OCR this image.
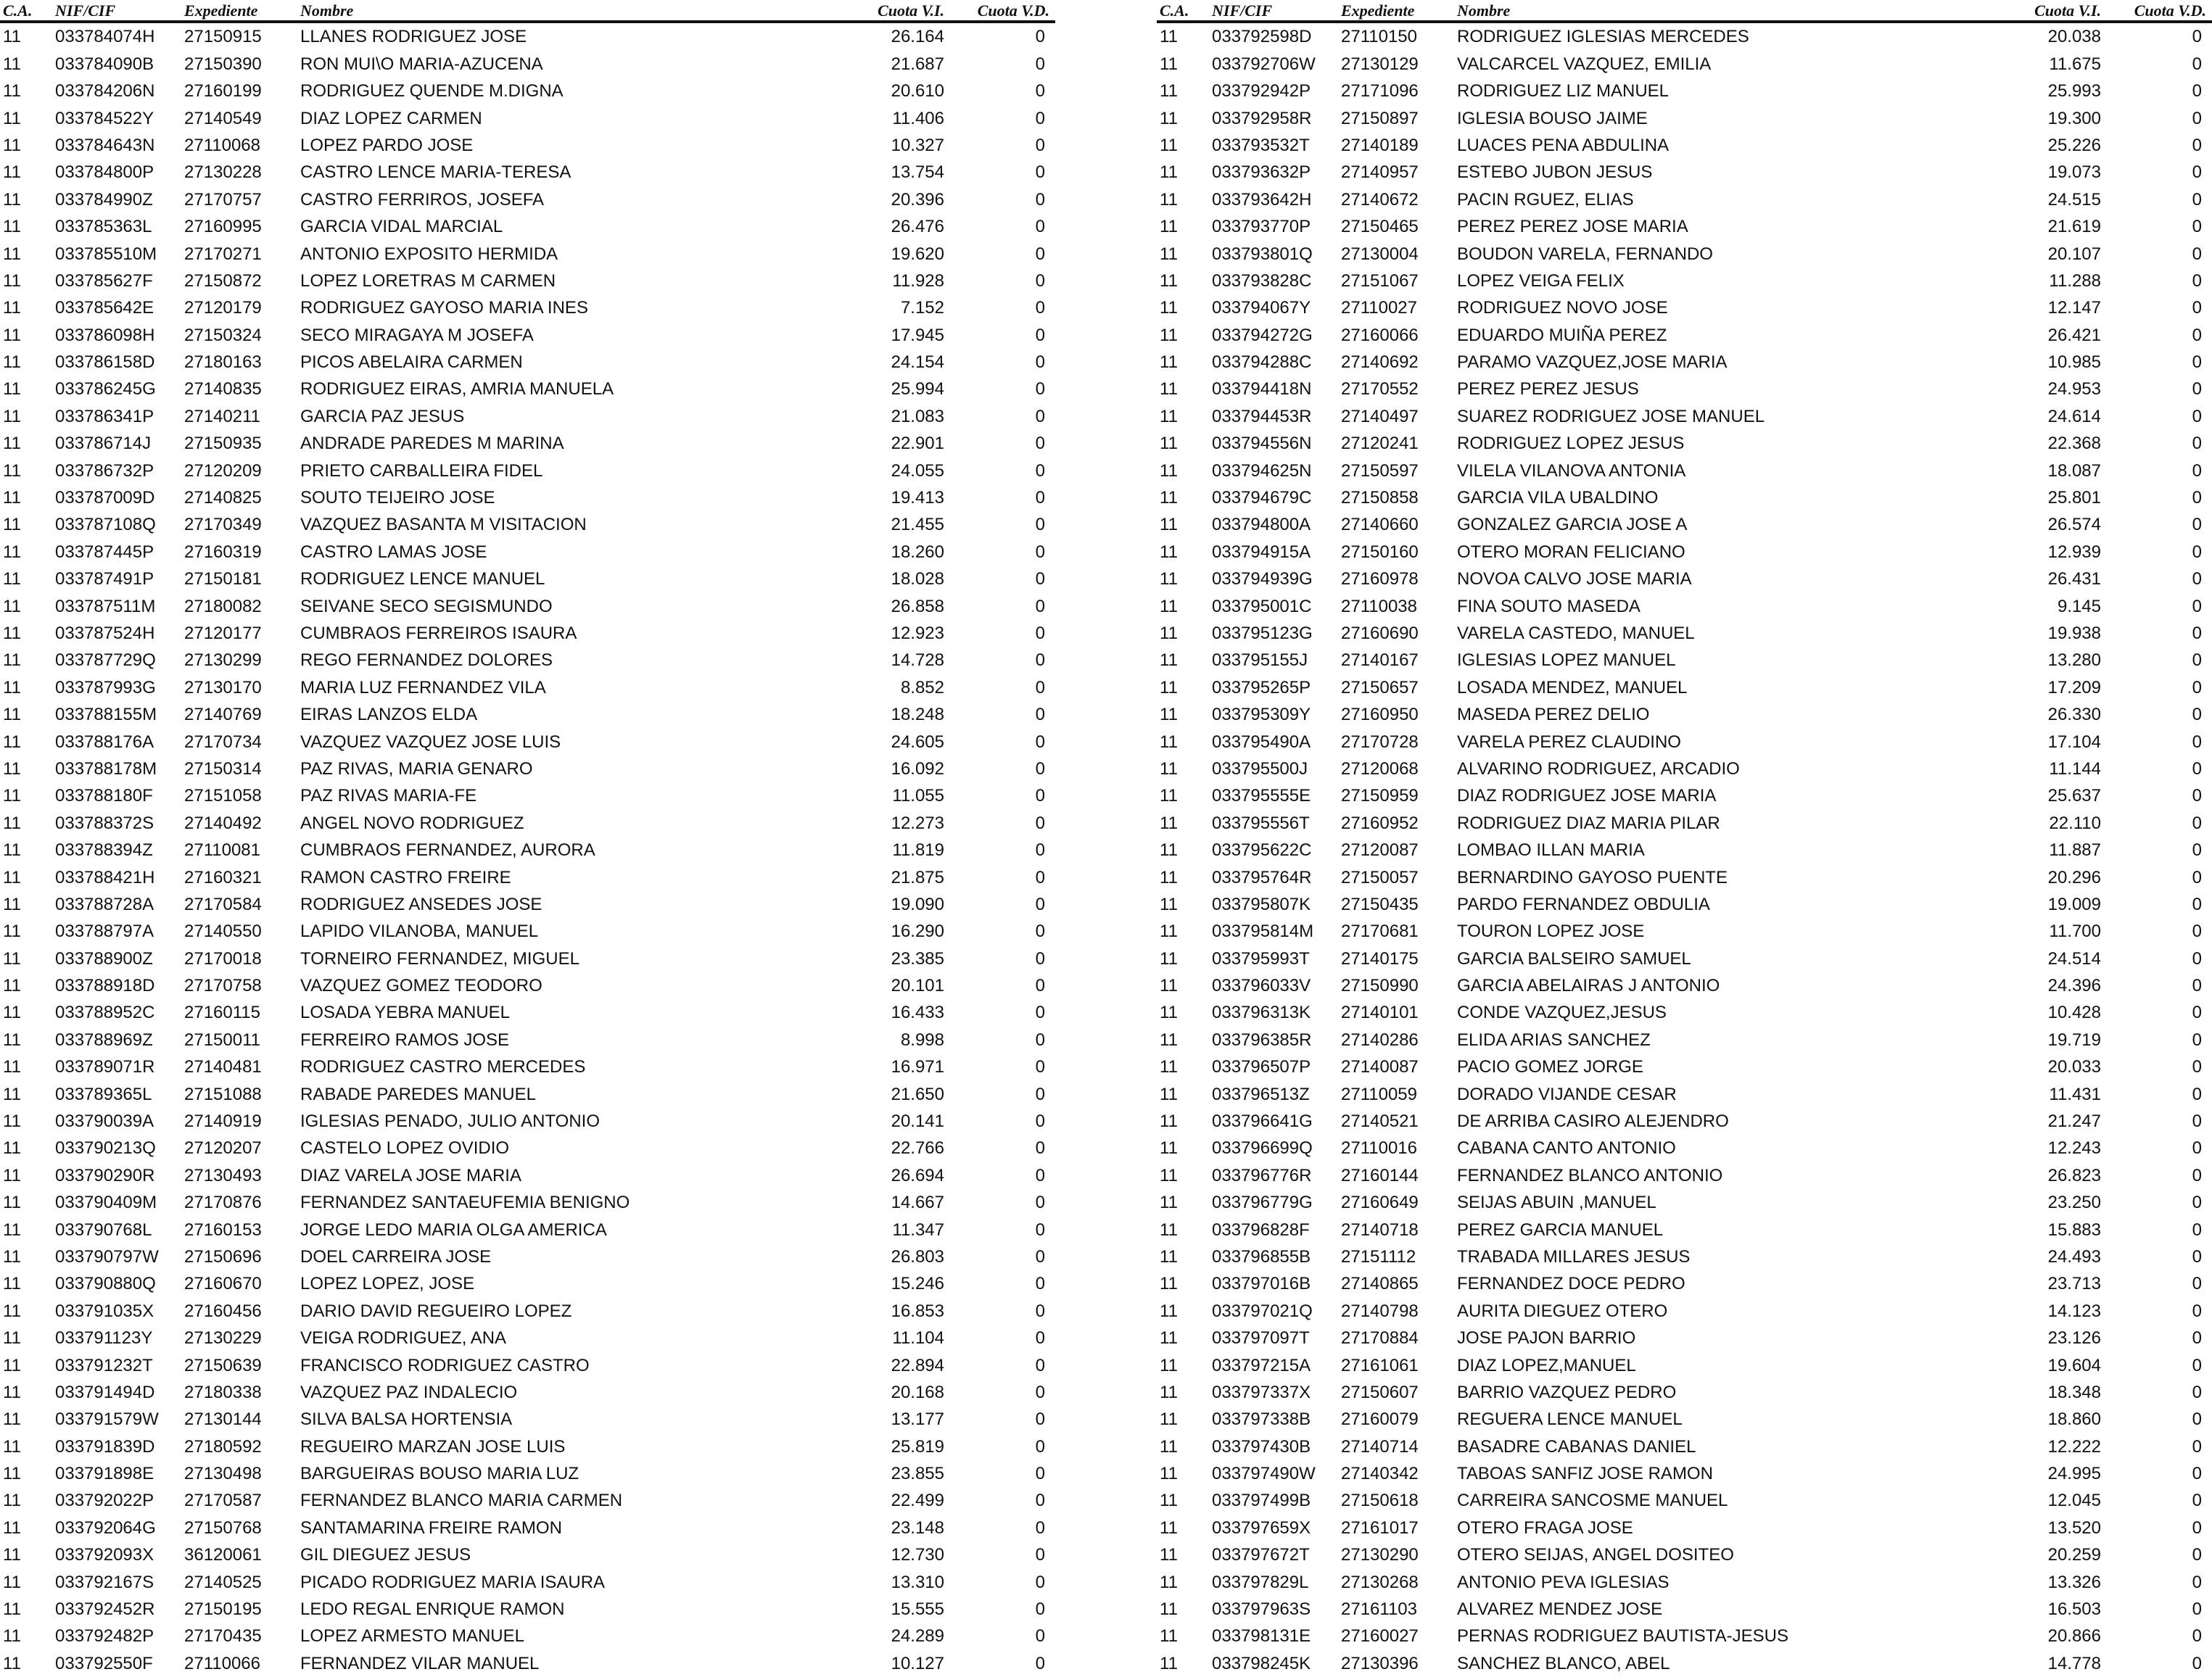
C.A.	NIF/CIF	Expediente	Nombre	Cuota V.I.	Cuota V.D.
11	033784074H	27150915	LLANES RODRIGUEZ JOSE	26.164	0
11	033784090B	27150390	RON MUI\O MARIA-AZUCENA	21.687	0
11	033784206N	27160199	RODRIGUEZ QUENDE M.DIGNA	20.610	0
11	033784522Y	27140549	DIAZ LOPEZ CARMEN	11.406	0
11	033784643N	27110068	LOPEZ PARDO JOSE	10.327	0
11	033784800P	27130228	CASTRO LENCE MARIA-TERESA	13.754	0
11	033784990Z	27170757	CASTRO FERRIROS, JOSEFA	20.396	0
11	033785363L	27160995	GARCIA VIDAL MARCIAL	26.476	0
11	033785510M	27170271	ANTONIO EXPOSITO HERMIDA	19.620	0
11	033785627F	27150872	LOPEZ LORETRAS M CARMEN	11.928	0
11	033785642E	27120179	RODRIGUEZ GAYOSO MARIA INES	7.152	0
11	033786098H	27150324	SECO MIRAGAYA M JOSEFA	17.945	0
11	033786158D	27180163	PICOS ABELAIRA CARMEN	24.154	0
11	033786245G	27140835	RODRIGUEZ EIRAS, AMRIA MANUELA	25.994	0
11	033786341P	27140211	GARCIA PAZ JESUS	21.083	0
11	033786714J	27150935	ANDRADE PAREDES M MARINA	22.901	0
11	033786732P	27120209	PRIETO CARBALLEIRA FIDEL	24.055	0
11	033787009D	27140825	SOUTO TEIJEIRO JOSE	19.413	0
11	033787108Q	27170349	VAZQUEZ BASANTA M VISITACION	21.455	0
11	033787445P	27160319	CASTRO LAMAS JOSE	18.260	0
11	033787491P	27150181	RODRIGUEZ LENCE MANUEL	18.028	0
11	033787511M	27180082	SEIVANE SECO SEGISMUNDO	26.858	0
11	033787524H	27120177	CUMBRAOS FERREIROS ISAURA	12.923	0
11	033787729Q	27130299	REGO FERNANDEZ DOLORES	14.728	0
11	033787993G	27130170	MARIA LUZ FERNANDEZ VILA	8.852	0
11	033788155M	27140769	EIRAS LANZOS ELDA	18.248	0
11	033788176A	27170734	VAZQUEZ VAZQUEZ JOSE LUIS	24.605	0
11	033788178M	27150314	PAZ RIVAS, MARIA GENARO	16.092	0
11	033788180F	27151058	PAZ RIVAS MARIA-FE	11.055	0
11	033788372S	27140492	ANGEL NOVO RODRIGUEZ	12.273	0
11	033788394Z	27110081	CUMBRAOS FERNANDEZ, AURORA	11.819	0
11	033788421H	27160321	RAMON CASTRO FREIRE	21.875	0
11	033788728A	27170584	RODRIGUEZ ANSEDES JOSE	19.090	0
11	033788797A	27140550	LAPIDO VILANOBA, MANUEL	16.290	0
11	033788900Z	27170018	TORNEIRO FERNANDEZ, MIGUEL	23.385	0
11	033788918D	27170758	VAZQUEZ GOMEZ TEODORO	20.101	0
11	033788952C	27160115	LOSADA YEBRA MANUEL	16.433	0
11	033788969Z	27150011	FERREIRO RAMOS JOSE	8.998	0
11	033789071R	27140481	RODRIGUEZ CASTRO MERCEDES	16.971	0
11	033789365L	27151088	RABADE PAREDES MANUEL	21.650	0
11	033790039A	27140919	IGLESIAS PENADO, JULIO ANTONIO	20.141	0
11	033790213Q	27120207	CASTELO LOPEZ OVIDIO	22.766	0
11	033790290R	27130493	DIAZ VARELA JOSE MARIA	26.694	0
11	033790409M	27170876	FERNANDEZ SANTAEUFEMIA BENIGNO	14.667	0
11	033790768L	27160153	JORGE LEDO MARIA OLGA AMERICA	11.347	0
11	033790797W	27150696	DOEL CARREIRA JOSE	26.803	0
11	033790880Q	27160670	LOPEZ LOPEZ, JOSE	15.246	0
11	033791035X	27160456	DARIO DAVID REGUEIRO LOPEZ	16.853	0
11	033791123Y	27130229	VEIGA RODRIGUEZ, ANA	11.104	0
11	033791232T	27150639	FRANCISCO RODRIGUEZ CASTRO	22.894	0
11	033791494D	27180338	VAZQUEZ PAZ INDALECIO	20.168	0
11	033791579W	27130144	SILVA BALSA HORTENSIA	13.177	0
11	033791839D	27180592	REGUEIRO MARZAN JOSE LUIS	25.819	0
11	033791898E	27130498	BARGUEIRAS BOUSO MARIA LUZ	23.855	0
11	033792022P	27170587	FERNANDEZ BLANCO MARIA CARMEN	22.499	0
11	033792064G	27150768	SANTAMARINA FREIRE RAMON	23.148	0
11	033792093X	36120061	GIL DIEGUEZ JESUS	12.730	0
11	033792167S	27140525	PICADO RODRIGUEZ MARIA ISAURA	13.310	0
11	033792452R	27150195	LEDO REGAL ENRIQUE RAMON	15.555	0
11	033792482P	27170435	LOPEZ ARMESTO MANUEL	24.289	0
11	033792550F	27110066	FERNANDEZ VILAR MANUEL	10.127	0
C.A.	NIF/CIF	Expediente	Nombre	Cuota V.I.	Cuota V.D.
11	033792598D	27110150	RODRIGUEZ IGLESIAS MERCEDES	20.038	0
11	033792706W	27130129	VALCARCEL VAZQUEZ, EMILIA	11.675	0
11	033792942P	27171096	RODRIGUEZ LIZ MANUEL	25.993	0
11	033792958R	27150897	IGLESIA BOUSO JAIME	19.300	0
11	033793532T	27140189	LUACES PENA ABDULINA	25.226	0
11	033793632P	27140957	ESTEBO JUBON JESUS	19.073	0
11	033793642H	27140672	PACIN RGUEZ, ELIAS	24.515	0
11	033793770P	27150465	PEREZ PEREZ JOSE MARIA	21.619	0
11	033793801Q	27130004	BOUDON VARELA, FERNANDO	20.107	0
11	033793828C	27151067	LOPEZ VEIGA FELIX	11.288	0
11	033794067Y	27110027	RODRIGUEZ NOVO JOSE	12.147	0
11	033794272G	27160066	EDUARDO MUIÑA PEREZ	26.421	0
11	033794288C	27140692	PARAMO VAZQUEZ,JOSE MARIA	10.985	0
11	033794418N	27170552	PEREZ PEREZ JESUS	24.953	0
11	033794453R	27140497	SUAREZ RODRIGUEZ JOSE MANUEL	24.614	0
11	033794556N	27120241	RODRIGUEZ LOPEZ JESUS	22.368	0
11	033794625N	27150597	VILELA VILANOVA ANTONIA	18.087	0
11	033794679C	27150858	GARCIA VILA UBALDINO	25.801	0
11	033794800A	27140660	GONZALEZ GARCIA JOSE A	26.574	0
11	033794915A	27150160	OTERO MORAN FELICIANO	12.939	0
11	033794939G	27160978	NOVOA CALVO JOSE MARIA	26.431	0
11	033795001C	27110038	FINA SOUTO MASEDA	9.145	0
11	033795123G	27160690	VARELA CASTEDO, MANUEL	19.938	0
11	033795155J	27140167	IGLESIAS LOPEZ MANUEL	13.280	0
11	033795265P	27150657	LOSADA MENDEZ, MANUEL	17.209	0
11	033795309Y	27160950	MASEDA PEREZ DELIO	26.330	0
11	033795490A	27170728	VARELA PEREZ CLAUDINO	17.104	0
11	033795500J	27120068	ALVARINO RODRIGUEZ, ARCADIO	11.144	0
11	033795555E	27150959	DIAZ RODRIGUEZ JOSE MARIA	25.637	0
11	033795556T	27160952	RODRIGUEZ DIAZ MARIA PILAR	22.110	0
11	033795622C	27120087	LOMBAO ILLAN MARIA	11.887	0
11	033795764R	27150057	BERNARDINO GAYOSO PUENTE	20.296	0
11	033795807K	27150435	PARDO FERNANDEZ OBDULIA	19.009	0
11	033795814M	27170681	TOURON LOPEZ JOSE	11.700	0
11	033795993T	27140175	GARCIA BALSEIRO SAMUEL	24.514	0
11	033796033V	27150990	GARCIA ABELAIRAS J ANTONIO	24.396	0
11	033796313K	27140101	CONDE VAZQUEZ,JESUS	10.428	0
11	033796385R	27140286	ELIDA ARIAS SANCHEZ	19.719	0
11	033796507P	27140087	PACIO GOMEZ JORGE	20.033	0
11	033796513Z	27110059	DORADO VIJANDE CESAR	11.431	0
11	033796641G	27140521	DE ARRIBA CASIRO ALEJENDRO	21.247	0
11	033796699Q	27110016	CABANA CANTO ANTONIO	12.243	0
11	033796776R	27160144	FERNANDEZ BLANCO ANTONIO	26.823	0
11	033796779G	27160649	SEIJAS ABUIN ,MANUEL	23.250	0
11	033796828F	27140718	PEREZ GARCIA MANUEL	15.883	0
11	033796855B	27151112	TRABADA MILLARES JESUS	24.493	0
11	033797016B	27140865	FERNANDEZ DOCE PEDRO	23.713	0
11	033797021Q	27140798	AURITA DIEGUEZ OTERO	14.123	0
11	033797097T	27170884	JOSE PAJON BARRIO	23.126	0
11	033797215A	27161061	DIAZ LOPEZ,MANUEL	19.604	0
11	033797337X	27150607	BARRIO VAZQUEZ PEDRO	18.348	0
11	033797338B	27160079	REGUERA LENCE MANUEL	18.860	0
11	033797430B	27140714	BASADRE CABANAS DANIEL	12.222	0
11	033797490W	27140342	TABOAS SANFIZ JOSE RAMON	24.995	0
11	033797499B	27150618	CARREIRA SANCOSME MANUEL	12.045	0
11	033797659X	27161017	OTERO FRAGA JOSE	13.520	0
11	033797672T	27130290	OTERO SEIJAS, ANGEL DOSITEO	20.259	0
11	033797829L	27130268	ANTONIO PEVA IGLESIAS	13.326	0
11	033797963S	27161103	ALVAREZ MENDEZ JOSE	16.503	0
11	033798131E	27160027	PERNAS RODRIGUEZ BAUTISTA-JESUS	20.866	0
11	033798245K	27130396	SANCHEZ BLANCO, ABEL	14.778	0
